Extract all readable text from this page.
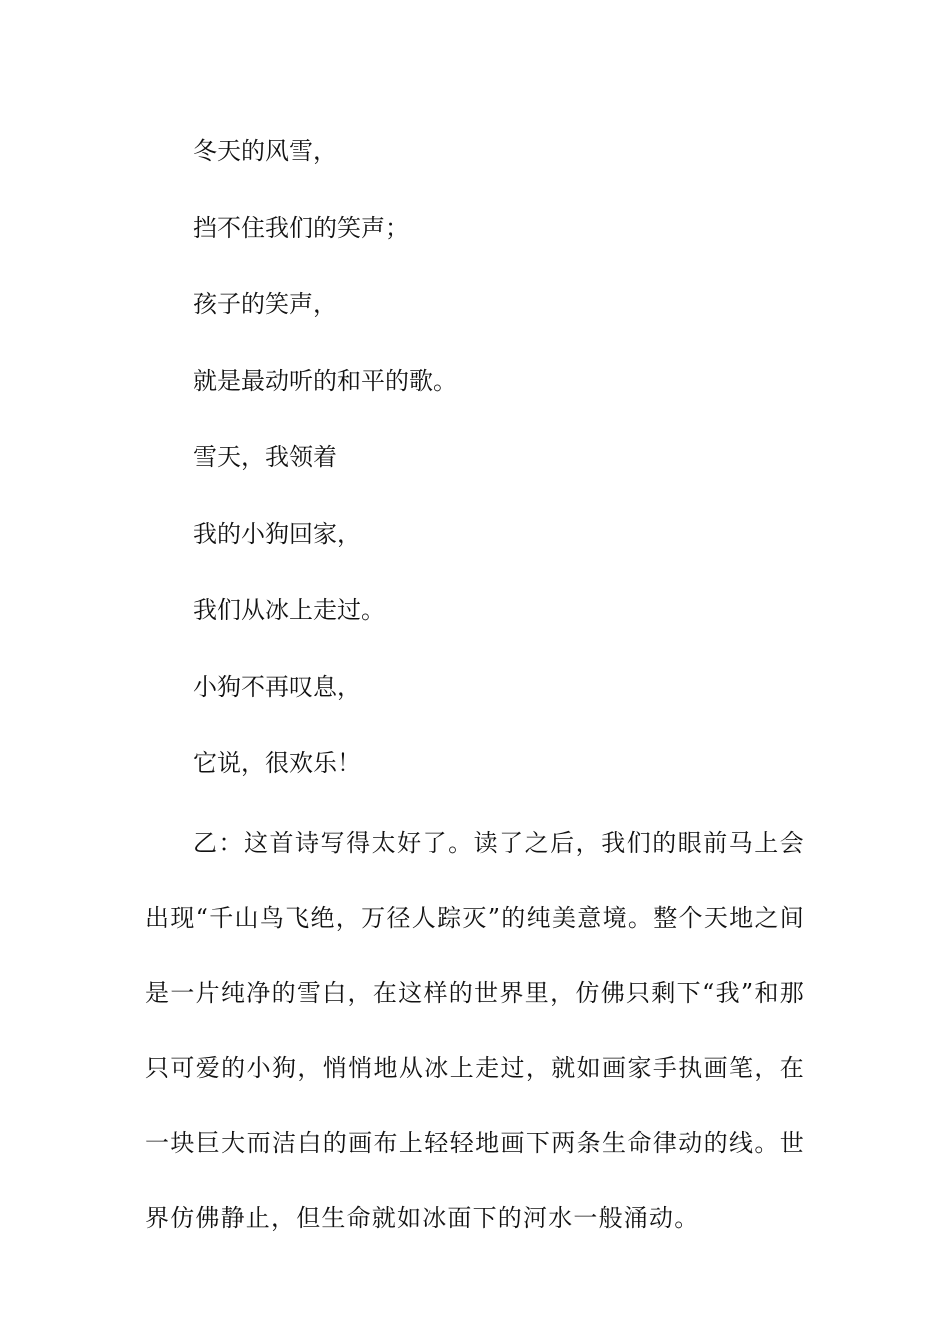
冬天的风雪，

挡不住我们的笑声；

孩子的笑声，

就是最动听的和平的歌。

雪天，我领着

我的小狗回家，

我们从冰上走过。

小狗不再叹息，

它说，很欢乐！

乙：这首诗写得太好了。读了之后，我们的眼前马上会出现“千山鸟飞绝，万径人踪灭”的纯美意境。整个天地之间是一片纯净的雪白，在这样的世界里，仿佛只剩下“我”和那只可爱的小狗，悄悄地从冰上走过，就如画家手执画笔，在一块巨大而洁白的画布上轻轻地画下两条生命律动的线。世界仿佛静止，但生命就如冰面下的河水一般涌动。
